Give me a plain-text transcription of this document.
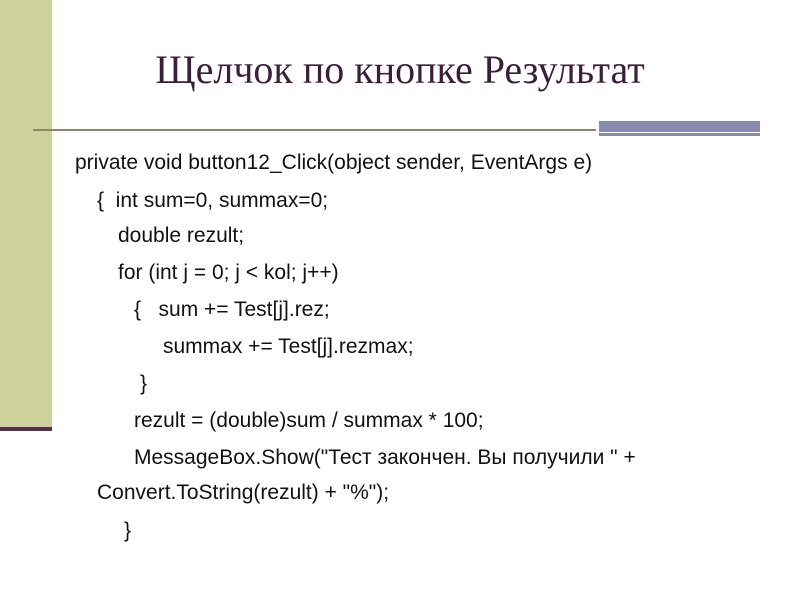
Щелчок по кнопке Результат
private void button12_Click(object sender, EventArgs e)
{  int sum=0, summax=0;
double rezult;
for (int j = 0; j < kol; j++)
{   sum += Test[j].rez;
summax += Test[j].rezmax;
}
rezult = (double)sum / summax * 100;
MessageBox.Show("Тест закончен. Вы получили " +
Convert.ToString(rezult) + "%");
}
